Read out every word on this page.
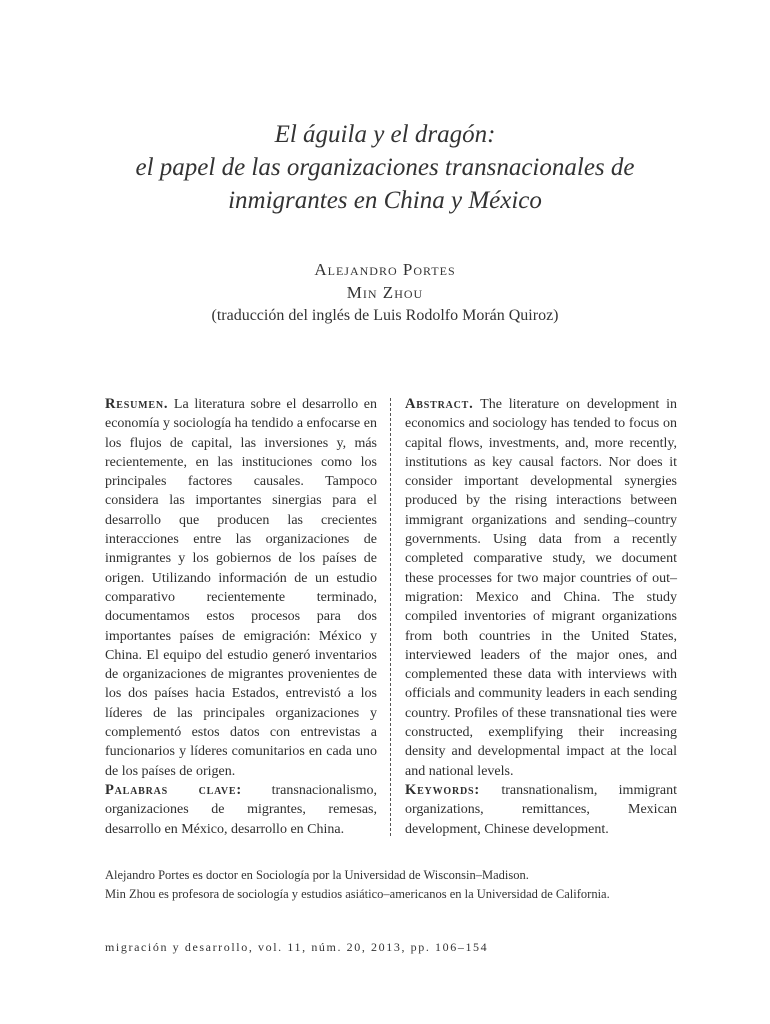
El águila y el dragón:
el papel de las organizaciones transnacionales de
inmigrantes en China y México
Alejandro Portes
Min Zhou
(traducción del inglés de Luis Rodolfo Morán Quiroz)

Resumen. La literatura sobre el desarrollo en economía y sociología ha tendido a enfocarse en los flujos de capital, las inversiones y, más recientemente, en las instituciones como los principales factores causales. Tampoco considera las importantes sinergias para el desarrollo que producen las crecientes interacciones entre las organizaciones de inmigrantes y los gobiernos de los países de origen. Utilizando información de un estudio comparativo recientemente terminado, documentamos estos procesos para dos importantes países de emigración: México y China. El equipo del estudio generó inventarios de organizaciones de migrantes provenientes de los dos países hacia Estados, entrevistó a los líderes de las principales organizaciones y complementó estos datos con entrevistas a funcionarios y líderes comunitarios en cada uno de los países de origen.

Palabras clave: transnacionalismo, organizaciones de migrantes, remesas, desarrollo en México, desarrollo en China.

Abstract. The literature on development in economics and sociology has tended to focus on capital flows, investments, and, more recently, institutions as key causal factors. Nor does it consider important developmental synergies produced by the rising interactions between immigrant organizations and sending–country governments. Using data from a recently completed comparative study, we document these processes for two major countries of out–migration: Mexico and China. The study compiled inventories of migrant organizations from both countries in the United States, interviewed leaders of the major ones, and complemented these data with interviews with officials and community leaders in each sending country. Profiles of these transnational ties were constructed, exemplifying their increasing density and developmental impact at the local and national levels.

Keywords: transnationalism, immigrant organizations, remittances, Mexican development, Chinese development.

Alejandro Portes es doctor en Sociología por la Universidad de Wisconsin–Madison.
Min Zhou es profesora de sociología y estudios asiático–americanos en la Universidad de California.
migración y desarrollo, vol. 11, núm. 20, 2013, pp. 106–154
